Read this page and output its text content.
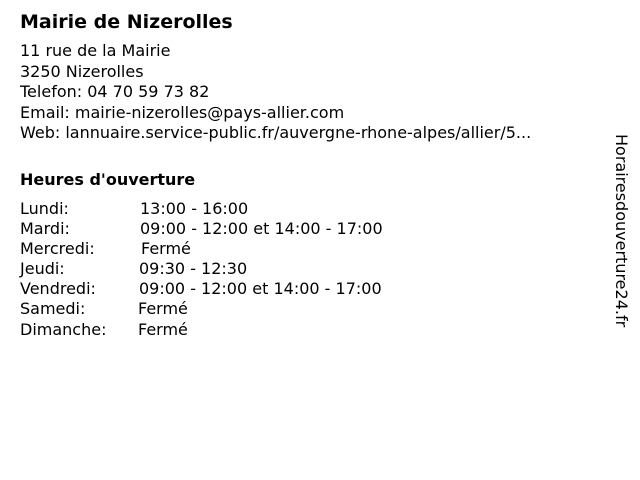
Mairie de Nizerolles
11 rue de la Mairie
3250 Nizerolles
Telefon: 04 70 59 73 82
Email: mairie-nizerolles@pays-allier.com
Web: lannuaire.service-public.fr/auvergne-rhone-alpes/allier/5...
Heures d'ouverture
Lundi:	13:00 - 16:00
Mardi:	09:00 - 12:00 et 14:00 - 17:00
Mercredi:	Fermé
Jeudi:	09:30 - 12:30
Vendredi:	09:00 - 12:00 et 14:00 - 17:00
Samedi:	Fermé
Dimanche: Fermé
Horairesdouverture24.fr
